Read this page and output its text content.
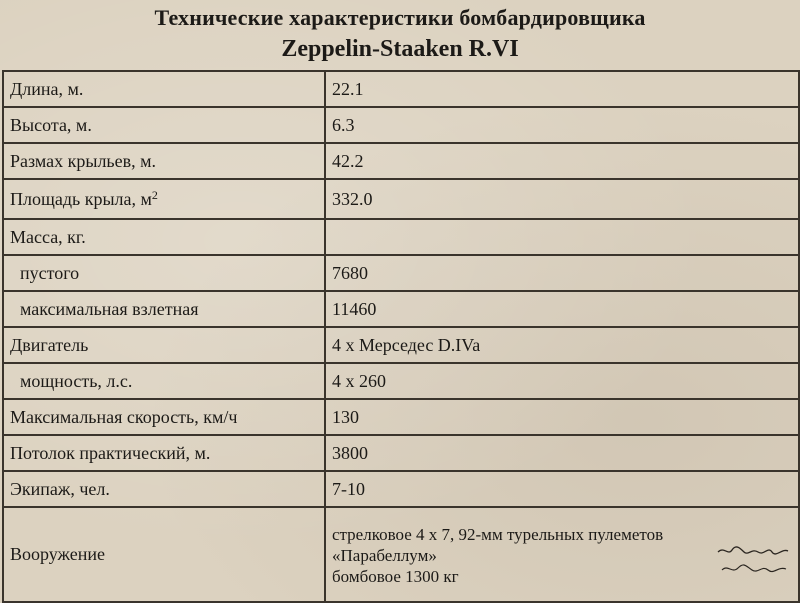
Технические характеристики бомбардировщика
Zeppelin-Staaken R.VI
Длина, м.	22.1
Высота, м.	6.3
Размах крыльев, м.	42.2
Площадь крыла, $м^2$	332.0
Масса, кг.	
пустого	7680
максимальная взлетная	11460
Двигатель	4 х Мерседес D.IVa
мощность, л.с.	4 х 260
Максимальная скорость, км/ч	130
Потолок практический, м.	3800
Экипаж, чел.	7-10
Вооружение	стрелковое 4 х 7, 92-мм турельных пулеметов
«Парабеллум»
бомбовое 1300 кг
